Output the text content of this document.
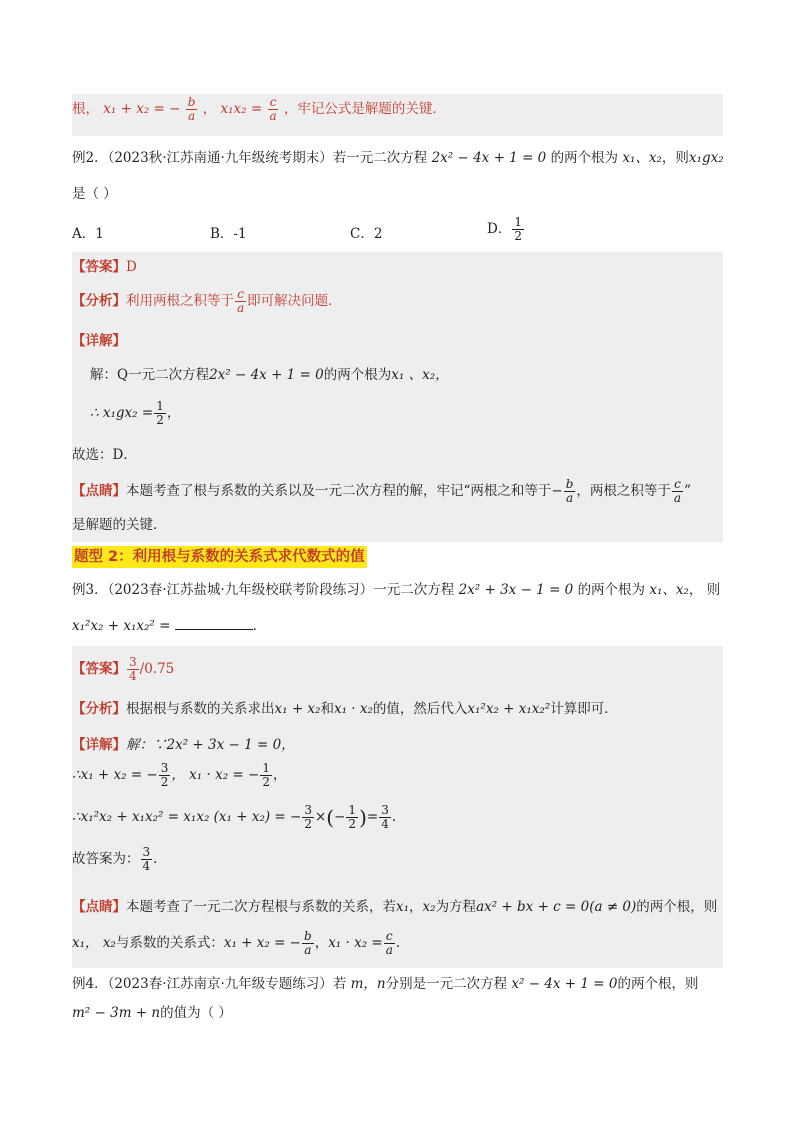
根， x₁ + x₂ = − $\frac{b}{a}$ ， $x_1x_2 = \frac{c}{a}$ ，牢记公式是解题的关键．
例2．（2023秋·江苏南通·九年级统考期末）若一元二次方程 2x² − 4x + 1 = 0 的两个根为 x₁、x₂，则x₁gx₂
是（ ）
A．1	B．-1	C．2	D． $\frac{1}{2}$
【答案】D
【分析】利用两根之积等于 $\frac{c}{a}$ 即可解决问题．
【详解】
解：Q一元二次方程2x² − 4x + 1 = 0的两个根为x₁ 、x₂，
∴ $x_1gx_2 = \frac{1}{2}$ ，
故选：D．
【点睛】本题考查了根与系数的关系以及一元二次方程的解，牢记“两根之和等于− $\frac{b}{a}$ ，两根之积等于 $\frac{c}{a}$ ”
是解题的关键．
题型 2：利用根与系数的关系式求代数式的值
例3．（2023春·江苏盐城·九年级校联考阶段练习）一元二次方程 2x² + 3x − 1 = 0 的两个根为 x₁、x₂， 则
x₁²x₂ + x₁x₂² =	．
【答案】 $\frac{3}{4} /0.75$
【分析】根据根与系数的关系求出x₁ + x₂和x₁ · x₂的值，然后代入x₁²x₂ + x₁x₂²计算即可．
【详解】解：∵2x² + 3x − 1 = 0，
∴x₁ + x₂ = − $\frac{3}{2}$ ， x₁ · x₂ = − $\frac{1}{2}$ ，
∴x₁²x₂ + x₁x₂² = x₁x₂ (x₁ + x₂) = − $\frac{3}{2}$ ×(− $\frac{1}{2}$ )= $\frac{3}{4}$ ．
故答案为： $\frac{3}{4}$ ．
【点睛】本题考查了一元二次方程根与系数的关系，若x₁，x₂为方程ax² + bx + c = 0(a ≠ 0)的两个根，则
x₁， x₂与系数的关系式：x₁ + x₂ = − $\frac{b}{a}$ ，$x_1 \cdot x_2 = \frac{c}{a}$ ．
例4．（2023春·江苏南京·九年级专题练习）若 m，n分别是一元二次方程 x² − 4x + 1 = 0的两个根，则
m² − 3m + n的值为（ ）
